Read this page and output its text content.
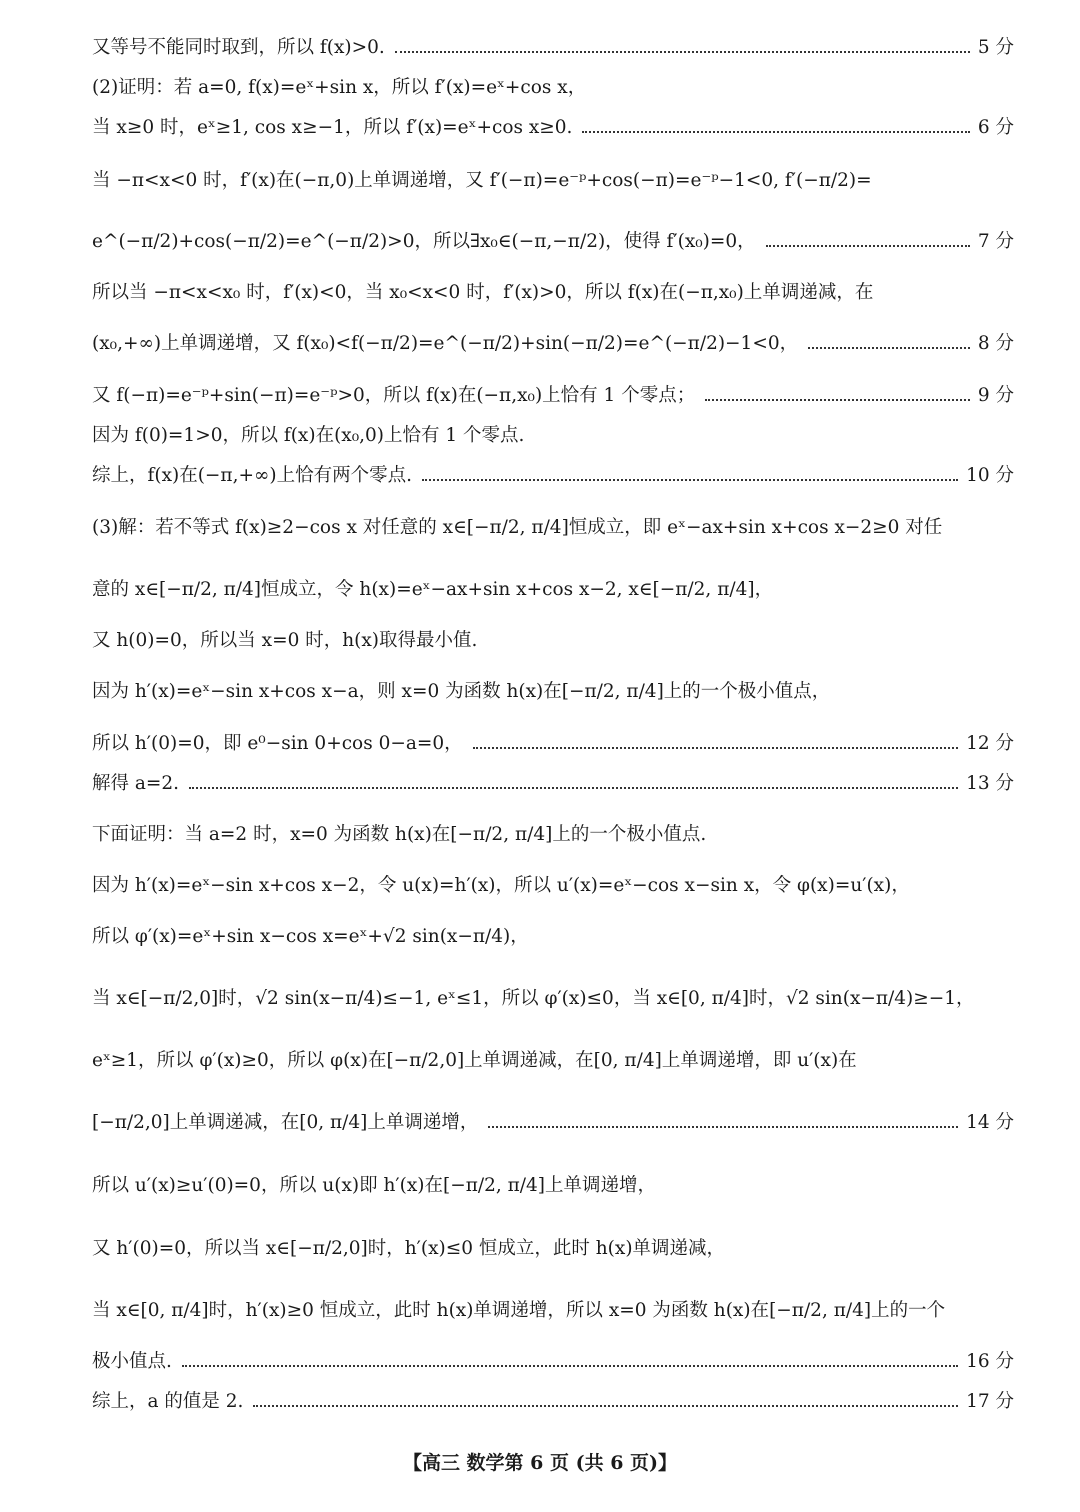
又等号不能同时取到，所以 f(x)>0.	5 分
(2)证明：若 a=0, f(x)=eˣ+sin x，所以 f′(x)=eˣ+cos x，
当 x≥0 时，eˣ≥1, cos x≥−1，所以 f′(x)=eˣ+cos x≥0.	6 分
当 −π<x<0 时，f′(x)在(−π,0)上单调递增，又 f′(−π)=e⁻ᵖ+cos(−π)=e⁻ᵖ−1<0, f′(−π/2)=
e^(−π/2)+cos(−π/2)=e^(−π/2)>0，所以∃x₀∈(−π,−π/2)，使得 f′(x₀)=0，	7 分
所以当 −π<x<x₀ 时，f′(x)<0，当 x₀<x<0 时，f′(x)>0，所以 f(x)在(−π,x₀)上单调递减，在
(x₀,+∞)上单调递增，又 f(x₀)<f(−π/2)=e^(−π/2)+sin(−π/2)=e^(−π/2)−1<0，	8 分
又 f(−π)=e⁻ᵖ+sin(−π)=e⁻ᵖ>0，所以 f(x)在(−π,x₀)上恰有 1 个零点；	9 分
因为 f(0)=1>0，所以 f(x)在(x₀,0)上恰有 1 个零点.
综上，f(x)在(−π,+∞)上恰有两个零点.	10 分
(3)解：若不等式 f(x)≥2−cos x 对任意的 x∈[−π/2, π/4]恒成立，即 eˣ−ax+sin x+cos x−2≥0 对任
意的 x∈[−π/2, π/4]恒成立，令 h(x)=eˣ−ax+sin x+cos x−2, x∈[−π/2, π/4]，
又 h(0)=0，所以当 x=0 时，h(x)取得最小值.
因为 h′(x)=eˣ−sin x+cos x−a，则 x=0 为函数 h(x)在[−π/2, π/4]上的一个极小值点，
所以 h′(0)=0，即 e⁰−sin 0+cos 0−a=0，	12 分
解得 a=2.	13 分
下面证明：当 a=2 时，x=0 为函数 h(x)在[−π/2, π/4]上的一个极小值点.
因为 h′(x)=eˣ−sin x+cos x−2，令 u(x)=h′(x)，所以 u′(x)=eˣ−cos x−sin x，令 φ(x)=u′(x)，
所以 φ′(x)=eˣ+sin x−cos x=eˣ+√2 sin(x−π/4)，
当 x∈[−π/2,0]时，√2 sin(x−π/4)≤−1, eˣ≤1，所以 φ′(x)≤0，当 x∈[0, π/4]时，√2 sin(x−π/4)≥−1，
eˣ≥1，所以 φ′(x)≥0，所以 φ(x)在[−π/2,0]上单调递减，在[0, π/4]上单调递增，即 u′(x)在
[−π/2,0]上单调递减，在[0, π/4]上单调递增，	14 分
所以 u′(x)≥u′(0)=0，所以 u(x)即 h′(x)在[−π/2, π/4]上单调递增，
又 h′(0)=0，所以当 x∈[−π/2,0]时，h′(x)≤0 恒成立，此时 h(x)单调递减，
当 x∈[0, π/4]时，h′(x)≥0 恒成立，此时 h(x)单调递增，所以 x=0 为函数 h(x)在[−π/2, π/4]上的一个
极小值点.	16 分
综上，a 的值是 2.	17 分
【高三 数学第 6 页 (共 6 页)】
